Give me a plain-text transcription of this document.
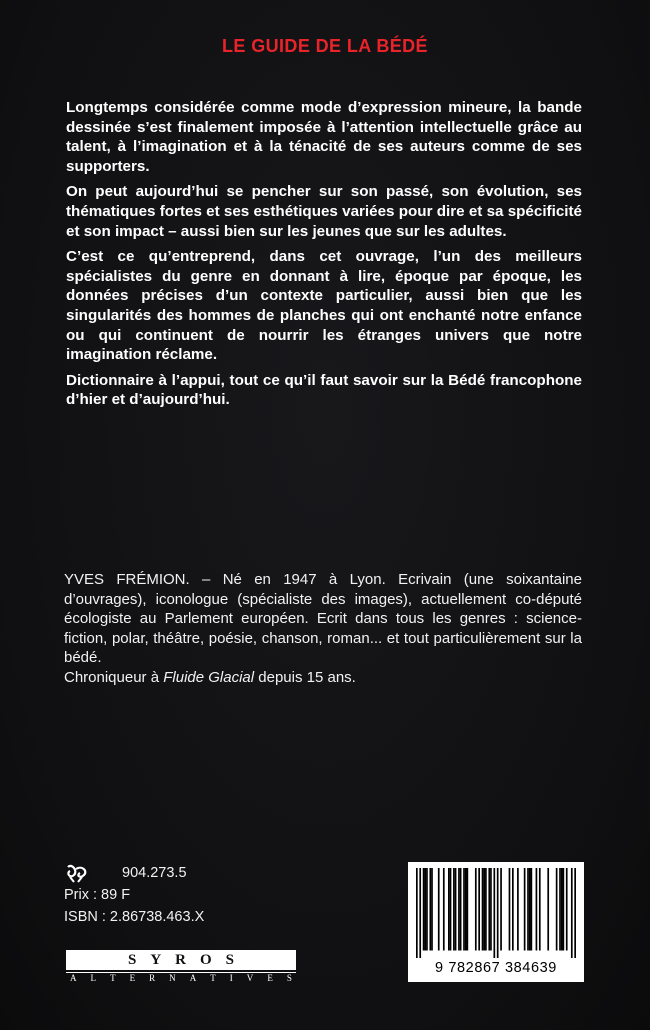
LE GUIDE DE LA BÉDÉ

Longtemps considérée comme mode d’expression mineure, la bande dessinée s’est finalement imposée à l’attention intellectuelle grâce au talent, à l’imagination et à la ténacité de ses auteurs comme de ses supporters.

On peut aujourd’hui se pencher sur son passé, son évolution, ses thématiques fortes et ses esthétiques variées pour dire et sa spécificité et son impact – aussi bien sur les jeunes que sur les adultes.

C’est ce qu’entreprend, dans cet ouvrage, l’un des meilleurs spécialistes du genre en donnant à lire, époque par époque, les données précises d’un contexte particulier, aussi bien que les singularités des hommes de planches qui ont enchanté notre enfance ou qui continuent de nourrir les étranges univers que notre imagination réclame.

Dictionnaire à l’appui, tout ce qu’il faut savoir sur la Bédé francophone d’hier et d’aujourd’hui.

YVES FRÉMION. – Né en 1947 à Lyon. Ecrivain (une soixantaine d’ouvrages), iconologue (spécialiste des images), actuellement co-député écologiste au Parlement européen. Ecrit dans tous les genres : science-fiction, polar, théâtre, poésie, chanson, roman... et tout particulièrement sur la bédé.

Chroniqueur à Fluide Glacial depuis 15 ans.

904.273.5
Prix : 89 F
ISBN : 2.86738.463.X
SYROS
A L T E R N A T I V E S
9 782867 384639
